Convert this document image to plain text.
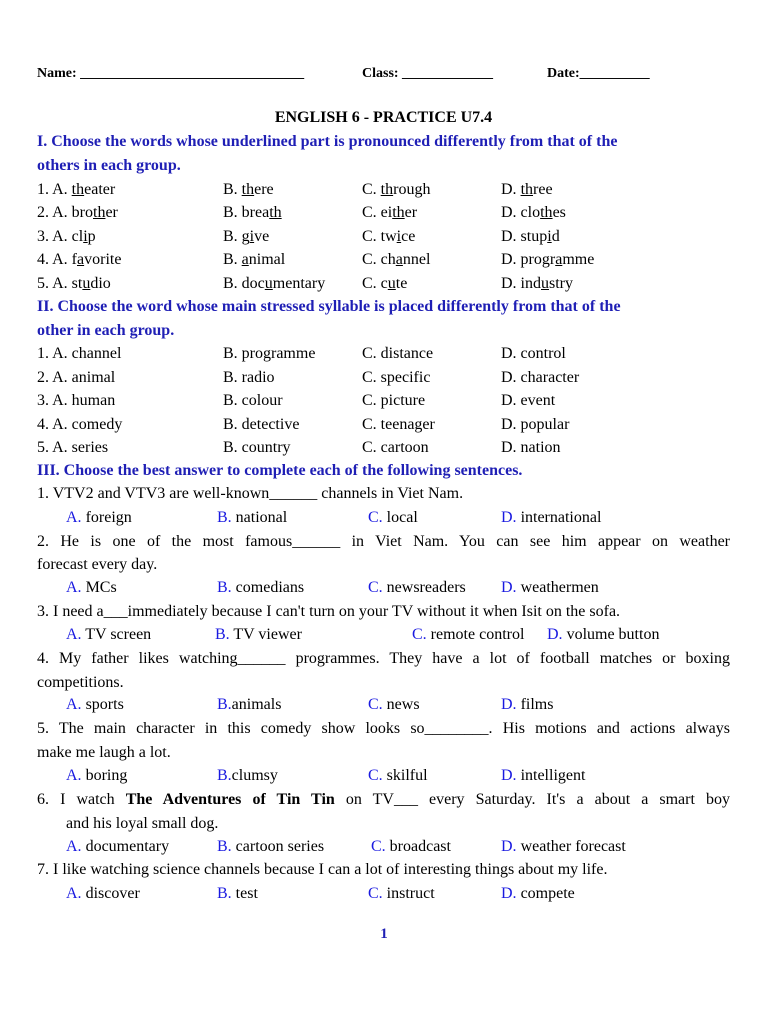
Name: ________________________________	Class: _____________	Date:__________
ENGLISH 6 - PRACTICE U7.4
I. Choose the words whose underlined part is pronounced differently from that of the
others in each group.
1. A. theater	B. there	C. through	D. three
2. A. brother	B. breath	C. either	D. clothes
3. A. clip	B. give	C. twice	D. stupid
4. A. favorite	B. animal	C. channel	D. programme
5. A. studio	B. documentary C. cute	D. industry
II. Choose the word whose main stressed syllable is placed differently from that of the
other in each group.
1. A. channel	B. programme	C. distance	D. control
2. A. animal	B. radio	C. specific	D. character
3. A. human	B. colour	C. picture	D. event
4. A. comedy	B. detective	C. teenager	D. popular
5. A. series	B. country	C. cartoon	D. nation
III. Choose the best answer to complete each of the following sentences.
1. VTV2 and VTV3 are well-known______ channels in Viet Nam.
A. foreign	B. national	C. local	D. international
2. He is one of the most famous______ in Viet Nam. You can see him appear on weather
forecast every day.
A. MCs	B. comedians	C. newsreaders D. weathermen
3. I need a___immediately because I can't turn on your TV without it when Isit on the sofa.
A. TV screen	B. TV viewer	C. remote control D. volume button
4. My father likes watching______ programmes. They have a lot of football matches or boxing
competitions.
A. sports	B.animals	C. news	D. films
5. The main character in this comedy show looks so________. His motions and actions always
make me laugh a lot.
A. boring	B.clumsy	C. skilful	D. intelligent
6. I watch The Adventures of Tin Tin on TV___ every Saturday. It's a about a smart boy
and his loyal small dog.
A. documentary	B. cartoon series	C. broadcast	D. weather forecast
7. I like watching science channels because I can a lot of interesting things about my life.
A. discover	B. test	C. instruct	D. compete
1
